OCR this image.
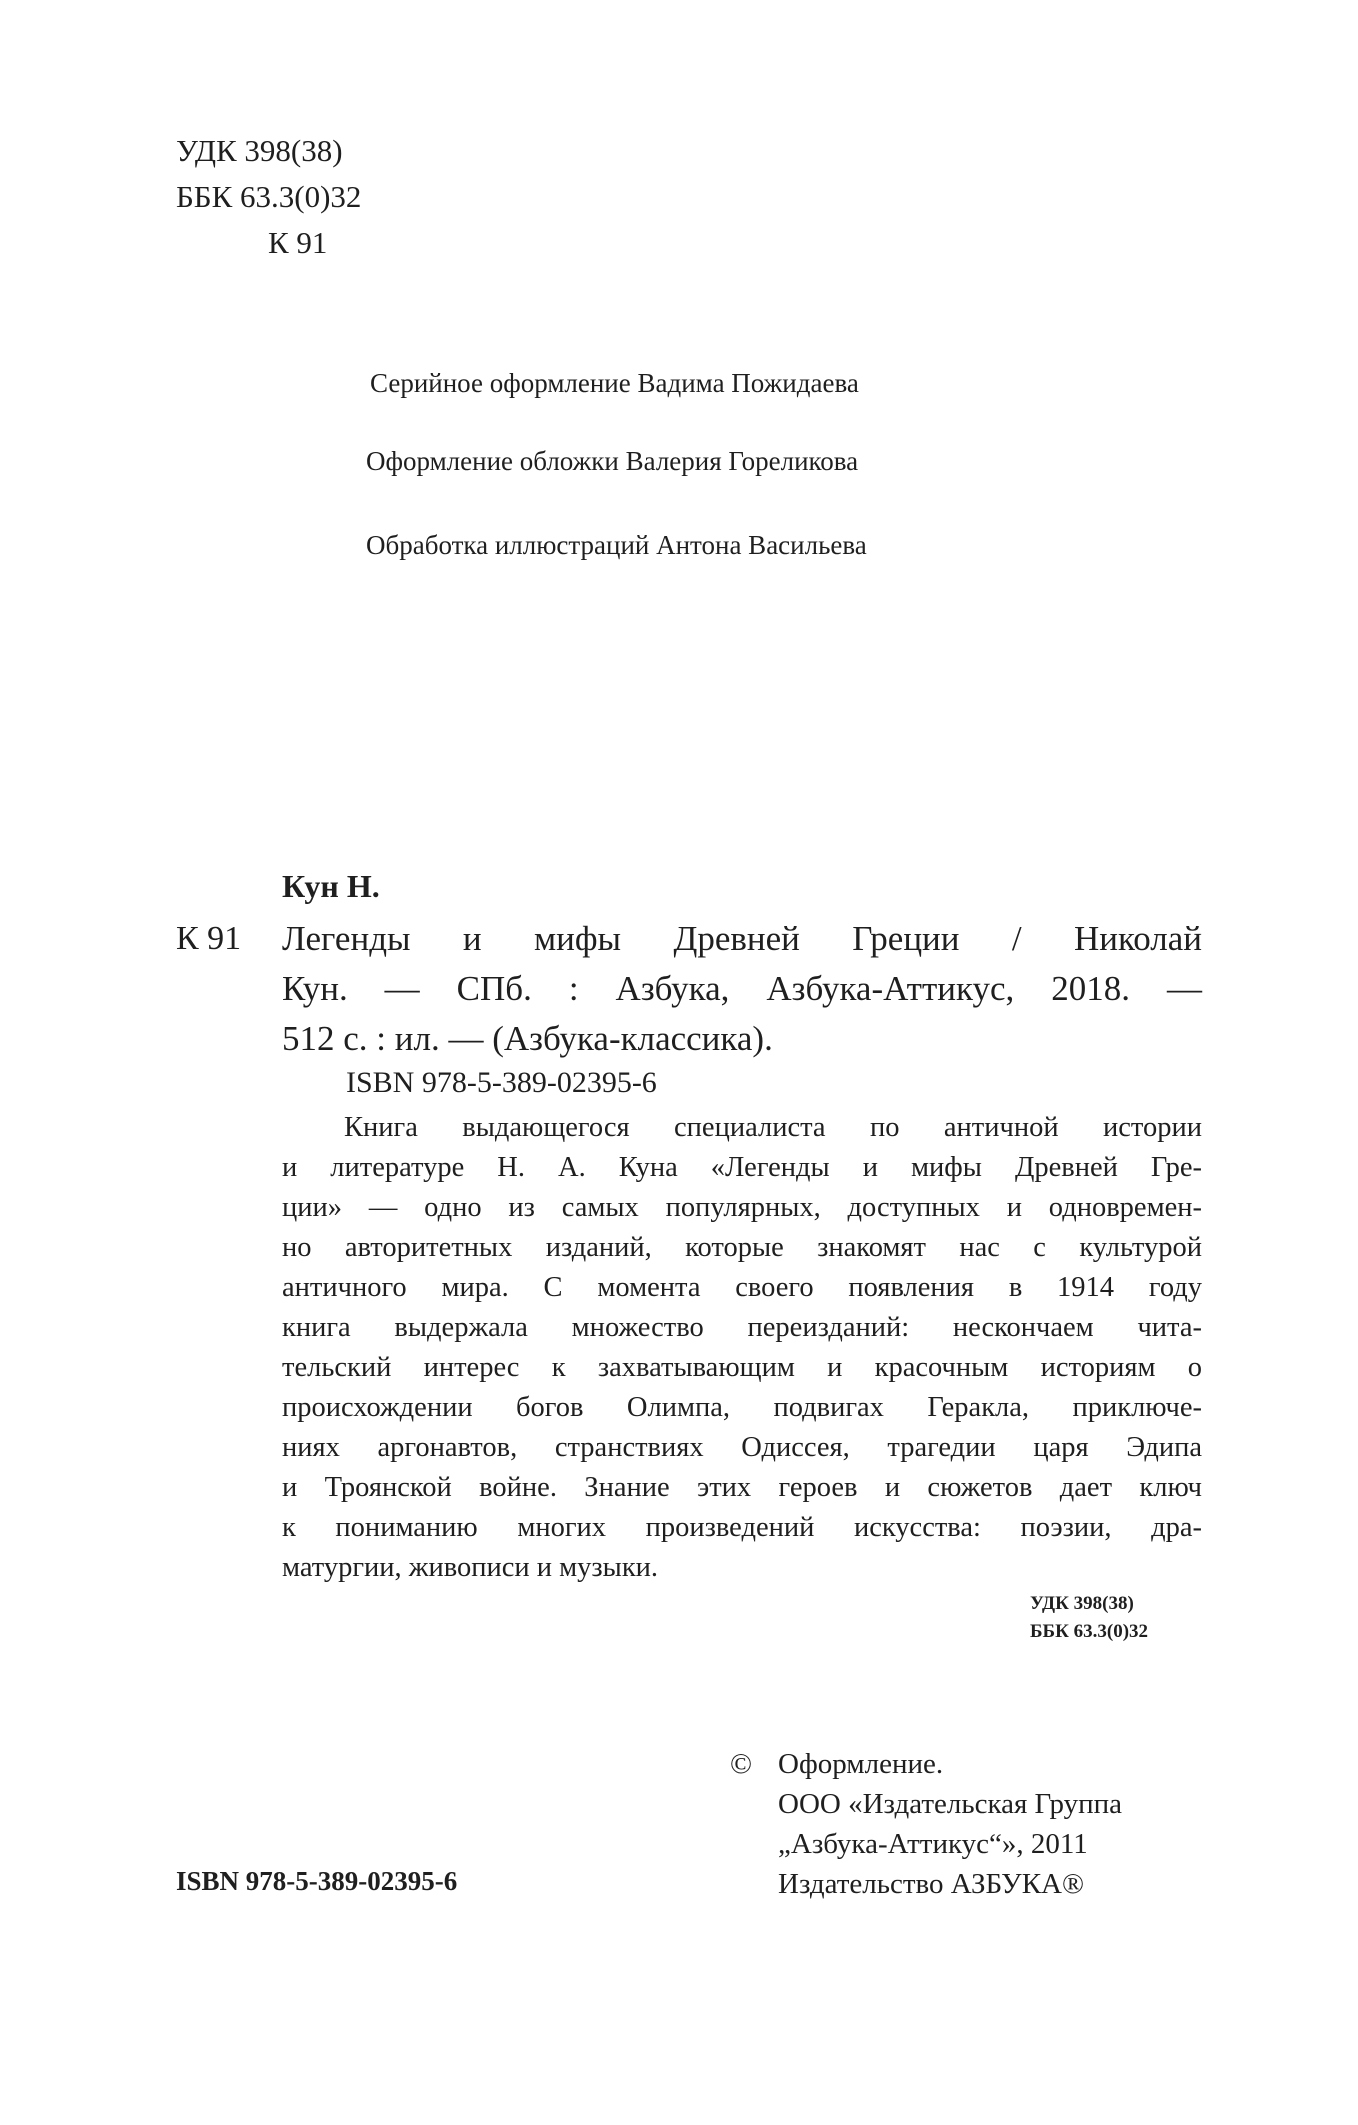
УДК 398(38)
ББК 63.3(0)32
К 91
Серийное оформление Вадима Пожидаева
Оформление обложки Валерия Гореликова
Обработка иллюстраций Антона Васильева
Кун Н.
К 91 Легенды и мифы Древней Греции / Николай
Кун. — СПб. : Азбука, Азбука-Аттикус, 2018. —
512 с. : ил. — (Азбука-классика).
ISBN 978-5-389-02395-6
Книга выдающегося специалиста по античной истории
и литературе Н. А. Куна «Легенды и мифы Древней Гре-
ции» — одно из самых популярных, доступных и одновремен-
но авторитетных изданий, которые знакомят нас с культурой
античного мира. С момента своего появления в 1914 году
книга выдержала множество переизданий: нескончаем чита-
тельский интерес к захватывающим и красочным историям о
происхождении богов Олимпа, подвигах Геракла, приключе-
ниях аргонавтов, странствиях Одиссея, трагедии царя Эдипа
и Троянской войне. Знание этих героев и сюжетов дает ключ
к пониманию многих произведений искусства: поэзии, дра-
матургии, живописи и музыки.
УДК 398(38)
ББК 63.3(0)32
© Оформление.
ООО «Издательская Группа
„Азбука-Аттикус“», 2011
Издательство АЗБУКА®
ISBN 978-5-389-02395-6
